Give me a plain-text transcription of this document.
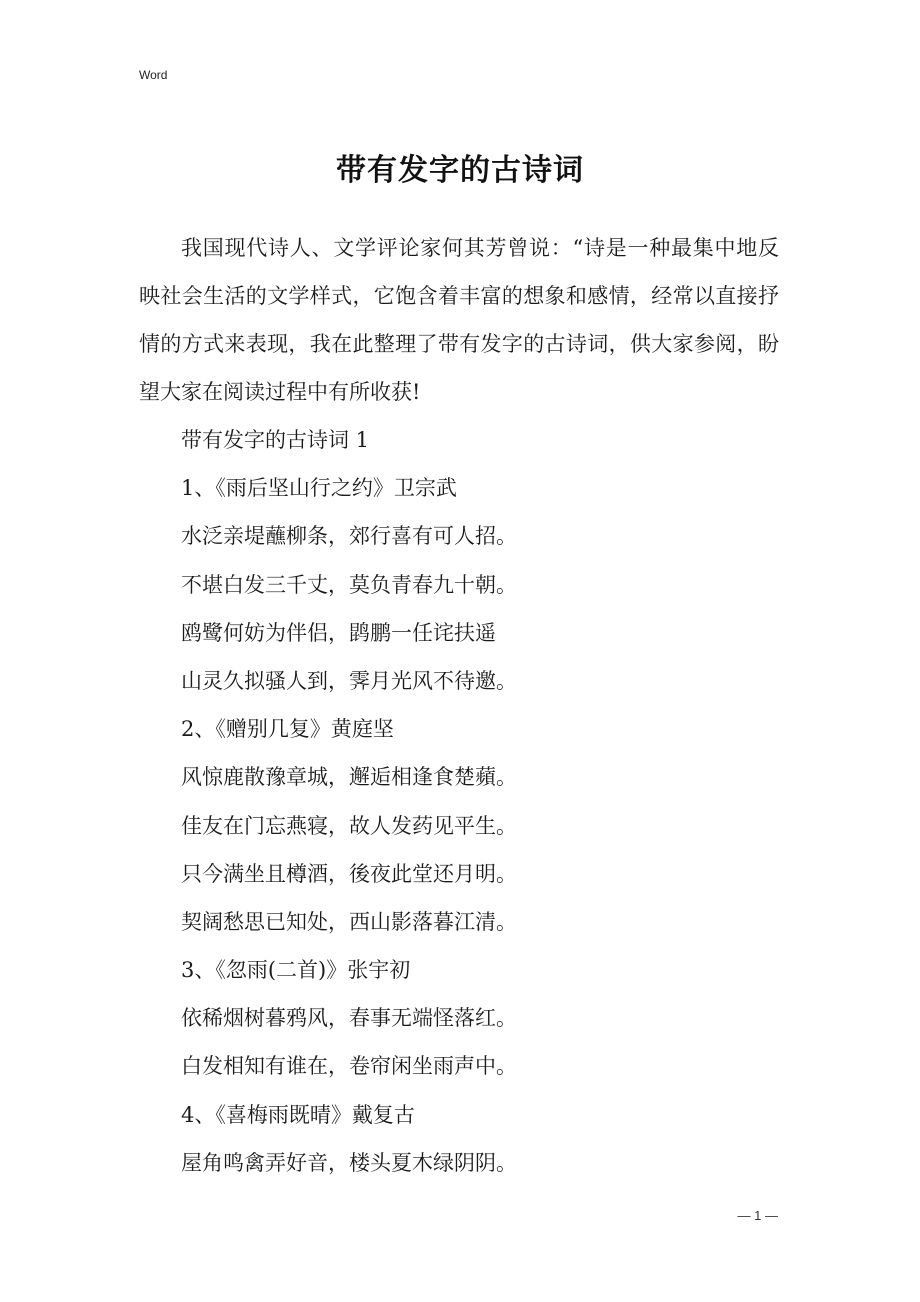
Word
带有发字的古诗词

我国现代诗人、文学评论家何其芳曾说：“诗是一种最集中地反映社会生活的文学样式，它饱含着丰富的想象和感情，经常以直接抒情的方式来表现，我在此整理了带有发字的古诗词，供大家参阅，盼望大家在阅读过程中有所收获!

带有发字的古诗词 1
1、《雨后坚山行之约》卫宗武
水泛亲堤蘸柳条，郊行喜有可人招。
不堪白发三千丈，莫负青春九十朝。
鸥鹭何妨为伴侣，鹍鹏一任诧扶遥
山灵久拟骚人到，霁月光风不待邀。
2、《赠别几复》黄庭坚
风惊鹿散豫章城，邂逅相逢食楚蘋。
佳友在门忘燕寝，故人发药见平生。
只今满坐且樽酒，後夜此堂还月明。
契阔愁思已知处，西山影落暮江清。
3、《忽雨(二首)》张宇初
依稀烟树暮鸦风，春事无端怪落红。
白发相知有谁在，卷帘闲坐雨声中。
4、《喜梅雨既晴》戴复古
屋角鸣禽弄好音，楼头夏木绿阴阴。
— 1 —
